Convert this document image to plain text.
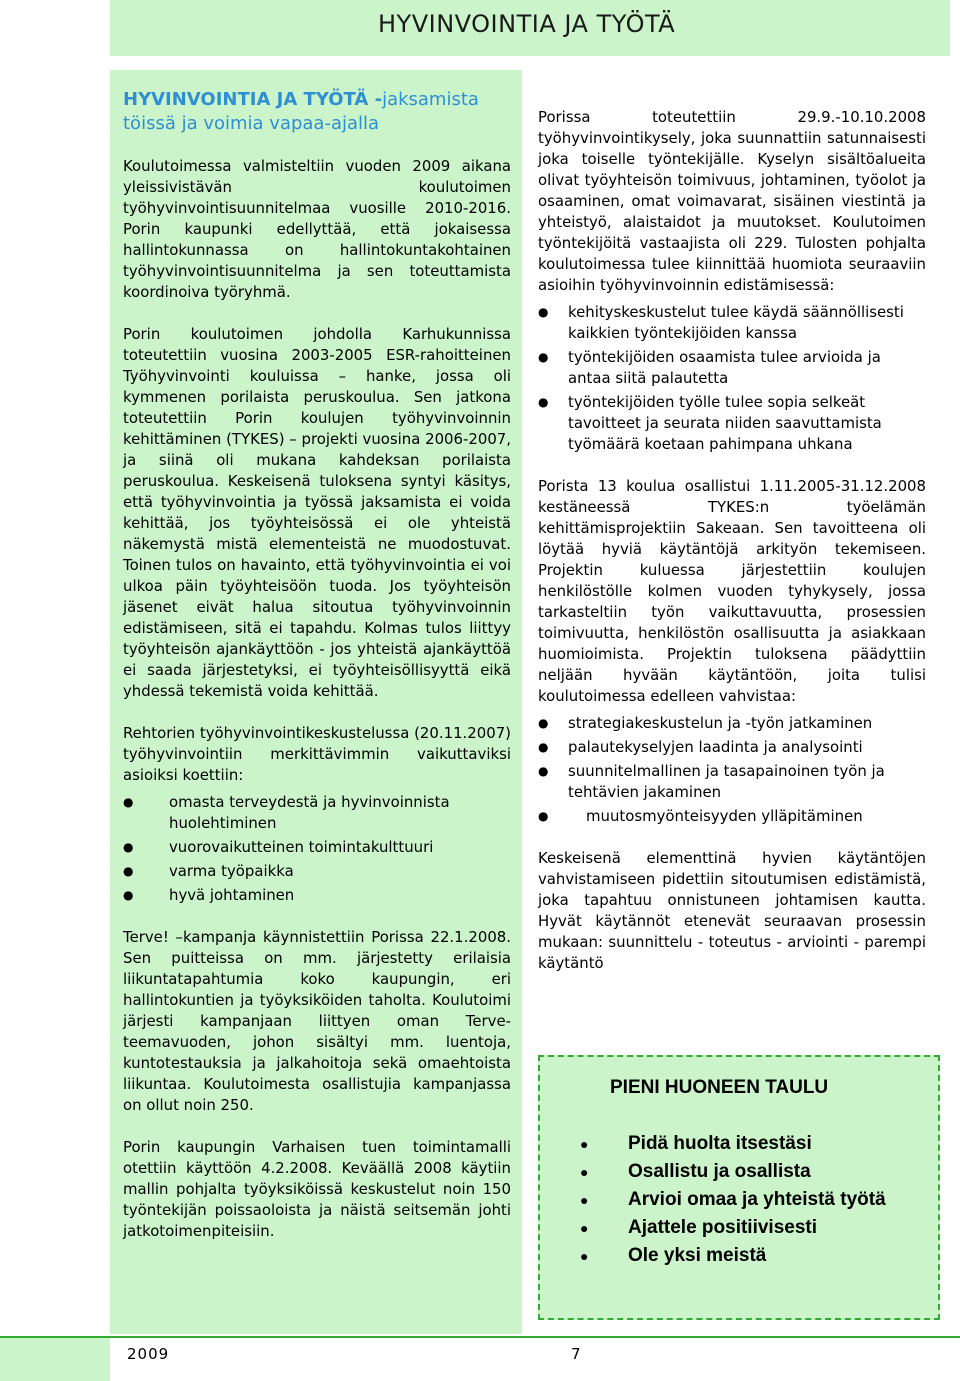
HYVINVOINTIA JA TYÖTÄ
HYVINVOINTIA JA TYÖTÄ -jaksamista töissä ja voimia vapaa-ajalla

Koulutoimessa valmisteltiin vuoden 2009 aikana yleissivistävän koulutoimen työhyvinvointisuunnitelmaa vuosille 2010-2016. Porin kaupunki edellyttää, että jokaisessa hallintokunnassa on hallintokuntakohtainen työhyvinvointisuunnitelma ja sen toteuttamista koordinoiva työryhmä.

Porin koulutoimen johdolla Karhukunnissa toteutettiin vuosina 2003-2005 ESR-rahoitteinen Työhyvinvointi kouluissa – hanke, jossa oli kymmenen porilaista peruskoulua. Sen jatkona toteutettiin Porin koulujen työhyvinvoinnin kehittäminen (TYKES) – projekti vuosina 2006-2007, ja siinä oli mukana kahdeksan porilaista peruskoulua. Keskeisenä tuloksena syntyi käsitys, että työhyvinvointia ja työssä jaksamista ei voida kehittää, jos työyhteisössä ei ole yhteistä näkemystä mistä elementeistä ne muodostuvat. Toinen tulos on havainto, että työhyvinvointia ei voi ulkoa päin työyhteisöön tuoda. Jos työyhteisön jäsenet eivät halua sitoutua työhyvinvoinnin edistämiseen, sitä ei tapahdu. Kolmas tulos liittyy työyhteisön ajankäyttöön - jos yhteistä ajankäyttöä ei saada järjestetyksi, ei työyhteisöllisyyttä eikä yhdessä tekemistä voida kehittää.

Rehtorien työhyvinvointikeskustelussa (20.11.2007) työhyvinvointiin merkittävimmin vaikuttaviksi asioiksi koettiin:

● omasta terveydestä ja hyvinvoinnista huolehtiminen
● vuorovaikutteinen toimintakulttuuri
● varma työpaikka
● hyvä johtaminen

Terve! –kampanja käynnistettiin Porissa 22.1.2008. Sen puitteissa on mm. järjestetty erilaisia liikuntatapahtumia koko kaupungin, eri hallintokuntien ja työyksiköiden taholta. Koulutoimi järjesti kampanjaan liittyen oman Terve-teemavuoden, johon sisältyi mm. luentoja, kuntotestauksia ja jalkahoitoja sekä omaehtoista liikuntaa. Koulutoimesta osallistujia kampanjassa on ollut noin 250.

Porin kaupungin Varhaisen tuen toimintamalli otettiin käyttöön 4.2.2008. Keväällä 2008 käytiin mallin pohjalta työyksiköissä keskustelut noin 150 työntekijän poissaoloista ja näistä seitsemän johti jatkotoimenpiteisiin.

Porissa toteutettiin 29.9.-10.10.2008 työhyvinvointikysely, joka suunnattiin satunnaisesti joka toiselle työntekijälle. Kyselyn sisältöalueita olivat työyhteisön toimivuus, johtaminen, työolot ja osaaminen, omat voimavarat, sisäinen viestintä ja yhteistyö, alaistaidot ja muutokset. Koulutoimen työntekijöitä vastaajista oli 229. Tulosten pohjalta koulutoimessa tulee kiinnittää huomiota seuraaviin asioihin työhyvinvoinnin edistämisessä:

● kehityskeskustelut tulee käydä säännöllisesti kaikkien työntekijöiden kanssa
● työntekijöiden osaamista tulee arvioida ja antaa siitä palautetta
● työntekijöiden työlle tulee sopia selkeät tavoitteet ja seurata niiden saavuttamista työmäärä koetaan pahimpana uhkana

Porista 13 koulua osallistui 1.11.2005-31.12.2008 kestäneessä TYKES:n työelämän kehittämisprojektiin Sakeaan. Sen tavoitteena oli löytää hyviä käytäntöjä arkityön tekemiseen. Projektin kuluessa järjestettiin koulujen henkilöstölle kolmen vuoden tyhykysely, jossa tarkasteltiin työn vaikuttavuutta, prosessien toimivuutta, henkilöstön osallisuutta ja asiakkaan huomioimista. Projektin tuloksena päädyttiin neljään hyvään käytäntöön, joita tulisi koulutoimessa edelleen vahvistaa:

● strategiakeskustelun ja -työn jatkaminen
● palautekyselyjen laadinta ja analysointi
● suunnitelmallinen ja tasapainoinen työn ja tehtävien jakaminen
● muutosmyönteisyyden ylläpitäminen

Keskeisenä elementtinä hyvien käytäntöjen vahvistamiseen pidettiin sitoutumisen edistämistä, joka tapahtuu onnistuneen johtamisen kautta. Hyvät käytännöt etenevät seuraavan prosessin mukaan: suunnittelu - toteutus - arviointi - parempi käytäntö

PIENI HUONEEN TAULU
● Pidä huolta itsestäsi
● Osallistu ja osallista
● Arvioi omaa ja yhteistä työtä
● Ajattele positiivisesti
● Ole yksi meistä
2009	7
